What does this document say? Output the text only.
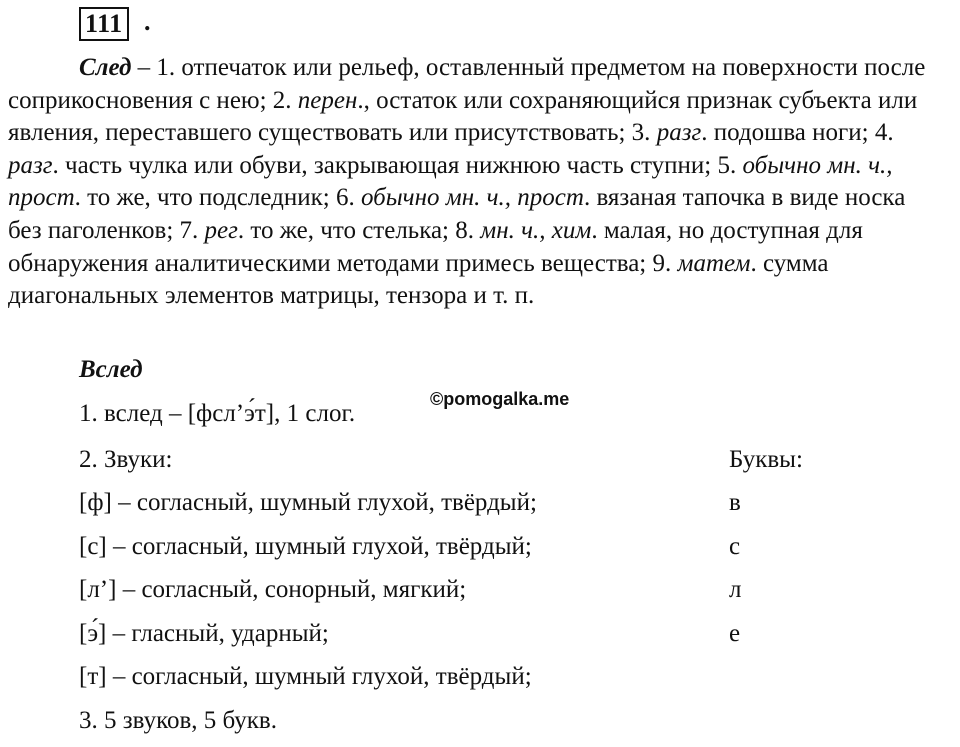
111 .
След – 1. отпечаток или рельеф, оставленный предметом на поверхности после соприкосновения с нею; 2. перен., остаток или сохраняющийся признак субъекта или явления, переставшего существовать или присутствовать; 3. разг. подошва ноги; 4. разг. часть чулка или обуви, закрывающая нижнюю часть ступни; 5. обычно мн. ч., прост. то же, что подследник; 6. обычно мн. ч., прост. вязаная тапочка в виде носка без паголенков; 7. рег. то же, что стелька; 8. мн. ч., хим. малая, но доступная для обнаружения аналитическими методами примесь вещества; 9. матем. сумма диагональных элементов матрицы, тензора и т. п.
Вслед
©pomogalka.me
1. вслед – [фсл’э́т], 1 слог.
2. Звуки:	Буквы:
[ф] – согласный, шумный глухой, твёрдый;	в
[с] – согласный, шумный глухой, твёрдый;	с
[л’] – согласный, сонорный, мягкий;	л
[э́] – гласный, ударный;	е
[т] – согласный, шумный глухой, твёрдый;
3. 5 звуков, 5 букв.
